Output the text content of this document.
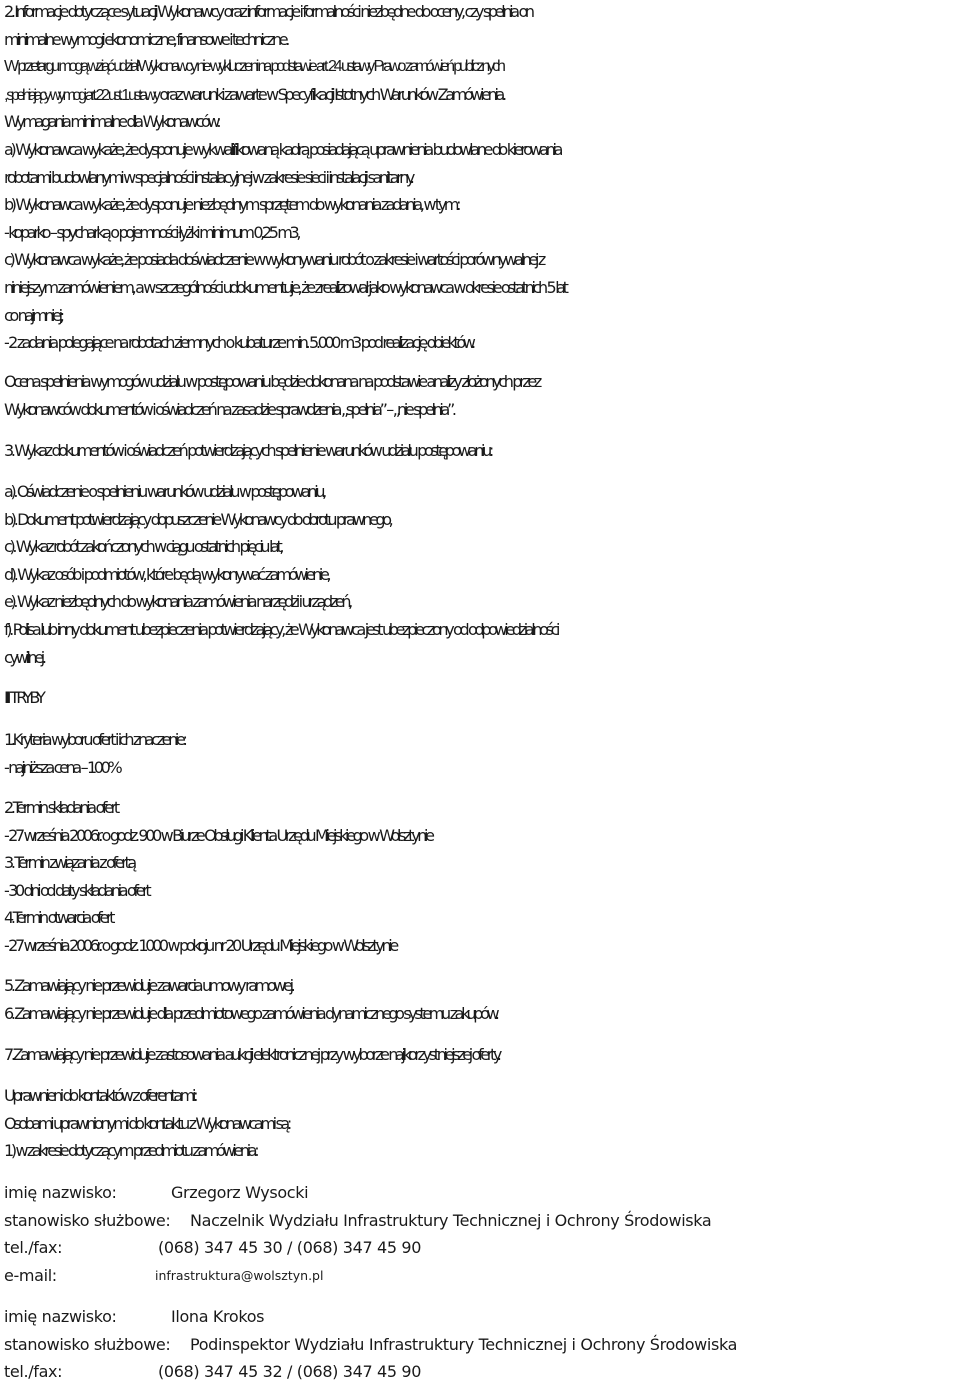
2. Informacje dotyczące sytuacji Wykonawcy oraz informacje i formalności niezbędne do oceny, czy spełnia on
minimalne wymogi ekonomiczne, finansowe i techniczne.
W przetargu mogą wziąć udział Wykonawcy nie wykluczeni na podstawie art. 24 ustawy Prawo zamówień publicznych
, spełniający wymogi art. 22 ust. 1 ustawy oraz warunki zawarte w Specyfikacji Istotnych Warunków Zamówienia.
Wymagania minimalne dla Wykonawców:
a) Wykonawca wykaże, że dysponuje wykwalifikowaną kadrą posiadającą uprawnienia budowlane do kierowania
robotami budowlanymi w specjalności instalacyjnej w zakresie sieci i instalacji sanitarny.
b) Wykonawca wykaże, że dysponuje niezbędnym sprzętem do wykonania zadania, w tym:
- koparko – spycharką o pojemności łyżki minimum 0,25 m3,
c) Wykonawca wykaże, że posiada doświadczenie w wykonywaniu robót o zakresie i wartości porównywalnej z
niniejszym zamówieniem, a w szczególności udokumentuje, że zrealizował jako wykonawca w okresie ostatnich 5 lat
co najmniej;
- 2 zadania polegające na robotach ziemnych o kubaturze min. 5.000 m3 pod realizację obiektów.
Ocena spełnienia wymogów udziału w postępowaniu będzie dokonana na podstawie analizy złożonych przez
Wykonawców dokumentów i oświadczeń na zasadzie sprawdzenia „spełnia” – „nie spełnia”.
3. Wykaz dokumentów i oświadczeń potwierdzających spełnienie warunków udziału postępowaniu:
a). Oświadczenie o spełnieniu warunków udziału w postępowaniu,
b). Dokument potwierdzający dopuszczenie Wykonawcy do obrotu prawnego,
c). Wykaz robót zakończonych w ciągu ostatnich pięciu lat,
d). Wykaz osób i podmiotów, które będą wykonywać zamówienie,
e). Wykaz niezbędnych do wykonania zamówienia narzędzi i urządzeń,
f). Polisa lub inny dokument ubezpieczenia potwierdzający, że Wykonawca jest ubezpieczony od odpowiedzialności
cywilnej.
III TRYBY
1.Kryteria wyboru ofert i ich znaczenie:
- najniższa cena – 100%
2.Termin składania ofert
- 27 września 2006r. o godz. 900 w Biurze Obsługi Klienta Urzędu Miejskiego w Wolsztynie
3. Termin związania z ofertą
- 30 dni od daty składania ofert
4.Termin otwarcia ofert
- 27 września 2006r. o godz. 1000 w pokoju nr 20 Urzędu Miejskiego w Wolsztynie
5. Zamawiający nie przewiduje zawarcia umowy ramowej.
6. Zamawiający nie przewiduje dla przedmiotowego zamówienia dynamicznego systemu zakupów.
7.Zamawiający nie przewiduje zastosowania aukcji elektronicznej przy wyborze najkorzystniejszej oferty.
Uprawnieni do kontaktów z oferentami:
Osobami uprawnionymi do kontaktu z Wykonawcami są:
1) w zakresie dotyczącym przedmiotu zamówienia:
imię nazwisko:	Grzegorz Wysocki
stanowisko służbowe: Naczelnik Wydziału Infrastruktury Technicznej i Ochrony Środowiska
tel./fax:	(068) 347 45 30 / (068) 347 45 90
e-mail:	infrastruktura@wolsztyn.pl
imię nazwisko:	Ilona Krokos
stanowisko służbowe: Podinspektor Wydziału Infrastruktury Technicznej i Ochrony Środowiska
tel./fax:	(068) 347 45 32 / (068) 347 45 90
